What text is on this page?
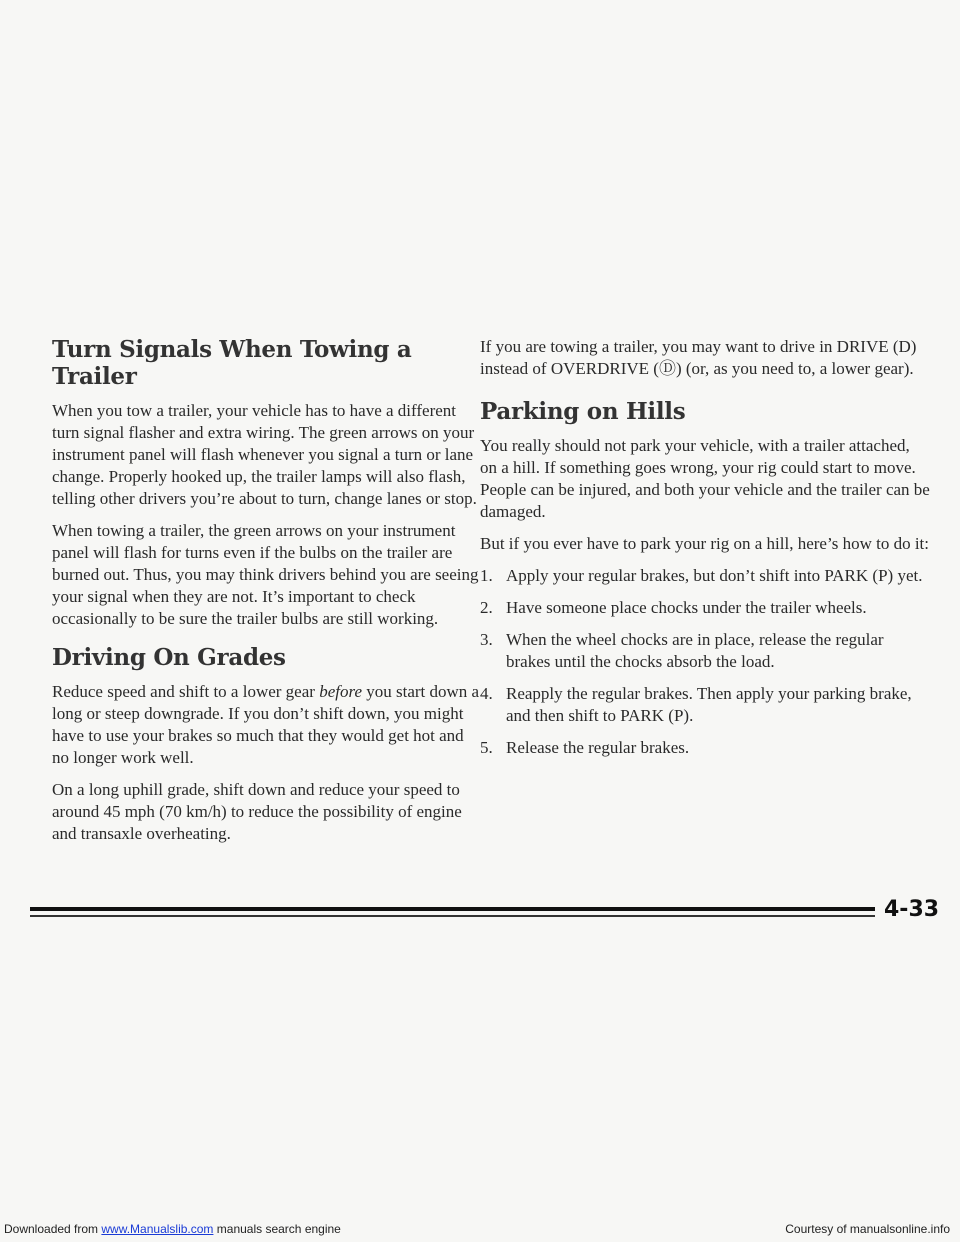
Turn Signals When Towing a Trailer

When you tow a trailer, your vehicle has to have a different turn signal flasher and extra wiring. The green arrows on your instrument panel will flash whenever you signal a turn or lane change. Properly hooked up, the trailer lamps will also flash, telling other drivers you’re about to turn, change lanes or stop.

When towing a trailer, the green arrows on your instrument panel will flash for turns even if the bulbs on the trailer are burned out. Thus, you may think drivers behind you are seeing your signal when they are not. It’s important to check occasionally to be sure the trailer bulbs are still working.

Driving On Grades

Reduce speed and shift to a lower gear before you start down a long or steep downgrade. If you don’t shift down, you might have to use your brakes so much that they would get hot and no longer work well.

On a long uphill grade, shift down and reduce your speed to around 45 mph (70 km/h) to reduce the possibility of engine and transaxle overheating.

If you are towing a trailer, you may want to drive in DRIVE (D) instead of OVERDRIVE (Ⓓ) (or, as you need to, a lower gear).

Parking on Hills

You really should not park your vehicle, with a trailer attached, on a hill. If something goes wrong, your rig could start to move. People can be injured, and both your vehicle and the trailer can be damaged.

But if you ever have to park your rig on a hill, here’s how to do it:

1. Apply your regular brakes, but don’t shift into PARK (P) yet.
2. Have someone place chocks under the trailer wheels.
3. When the wheel chocks are in place, release the regular brakes until the chocks absorb the load.
4. Reapply the regular brakes. Then apply your parking brake, and then shift to PARK (P).
5. Release the regular brakes.
4-33
Downloaded from www.Manualslib.com manuals search engine	Courtesy of manualsonline.info
